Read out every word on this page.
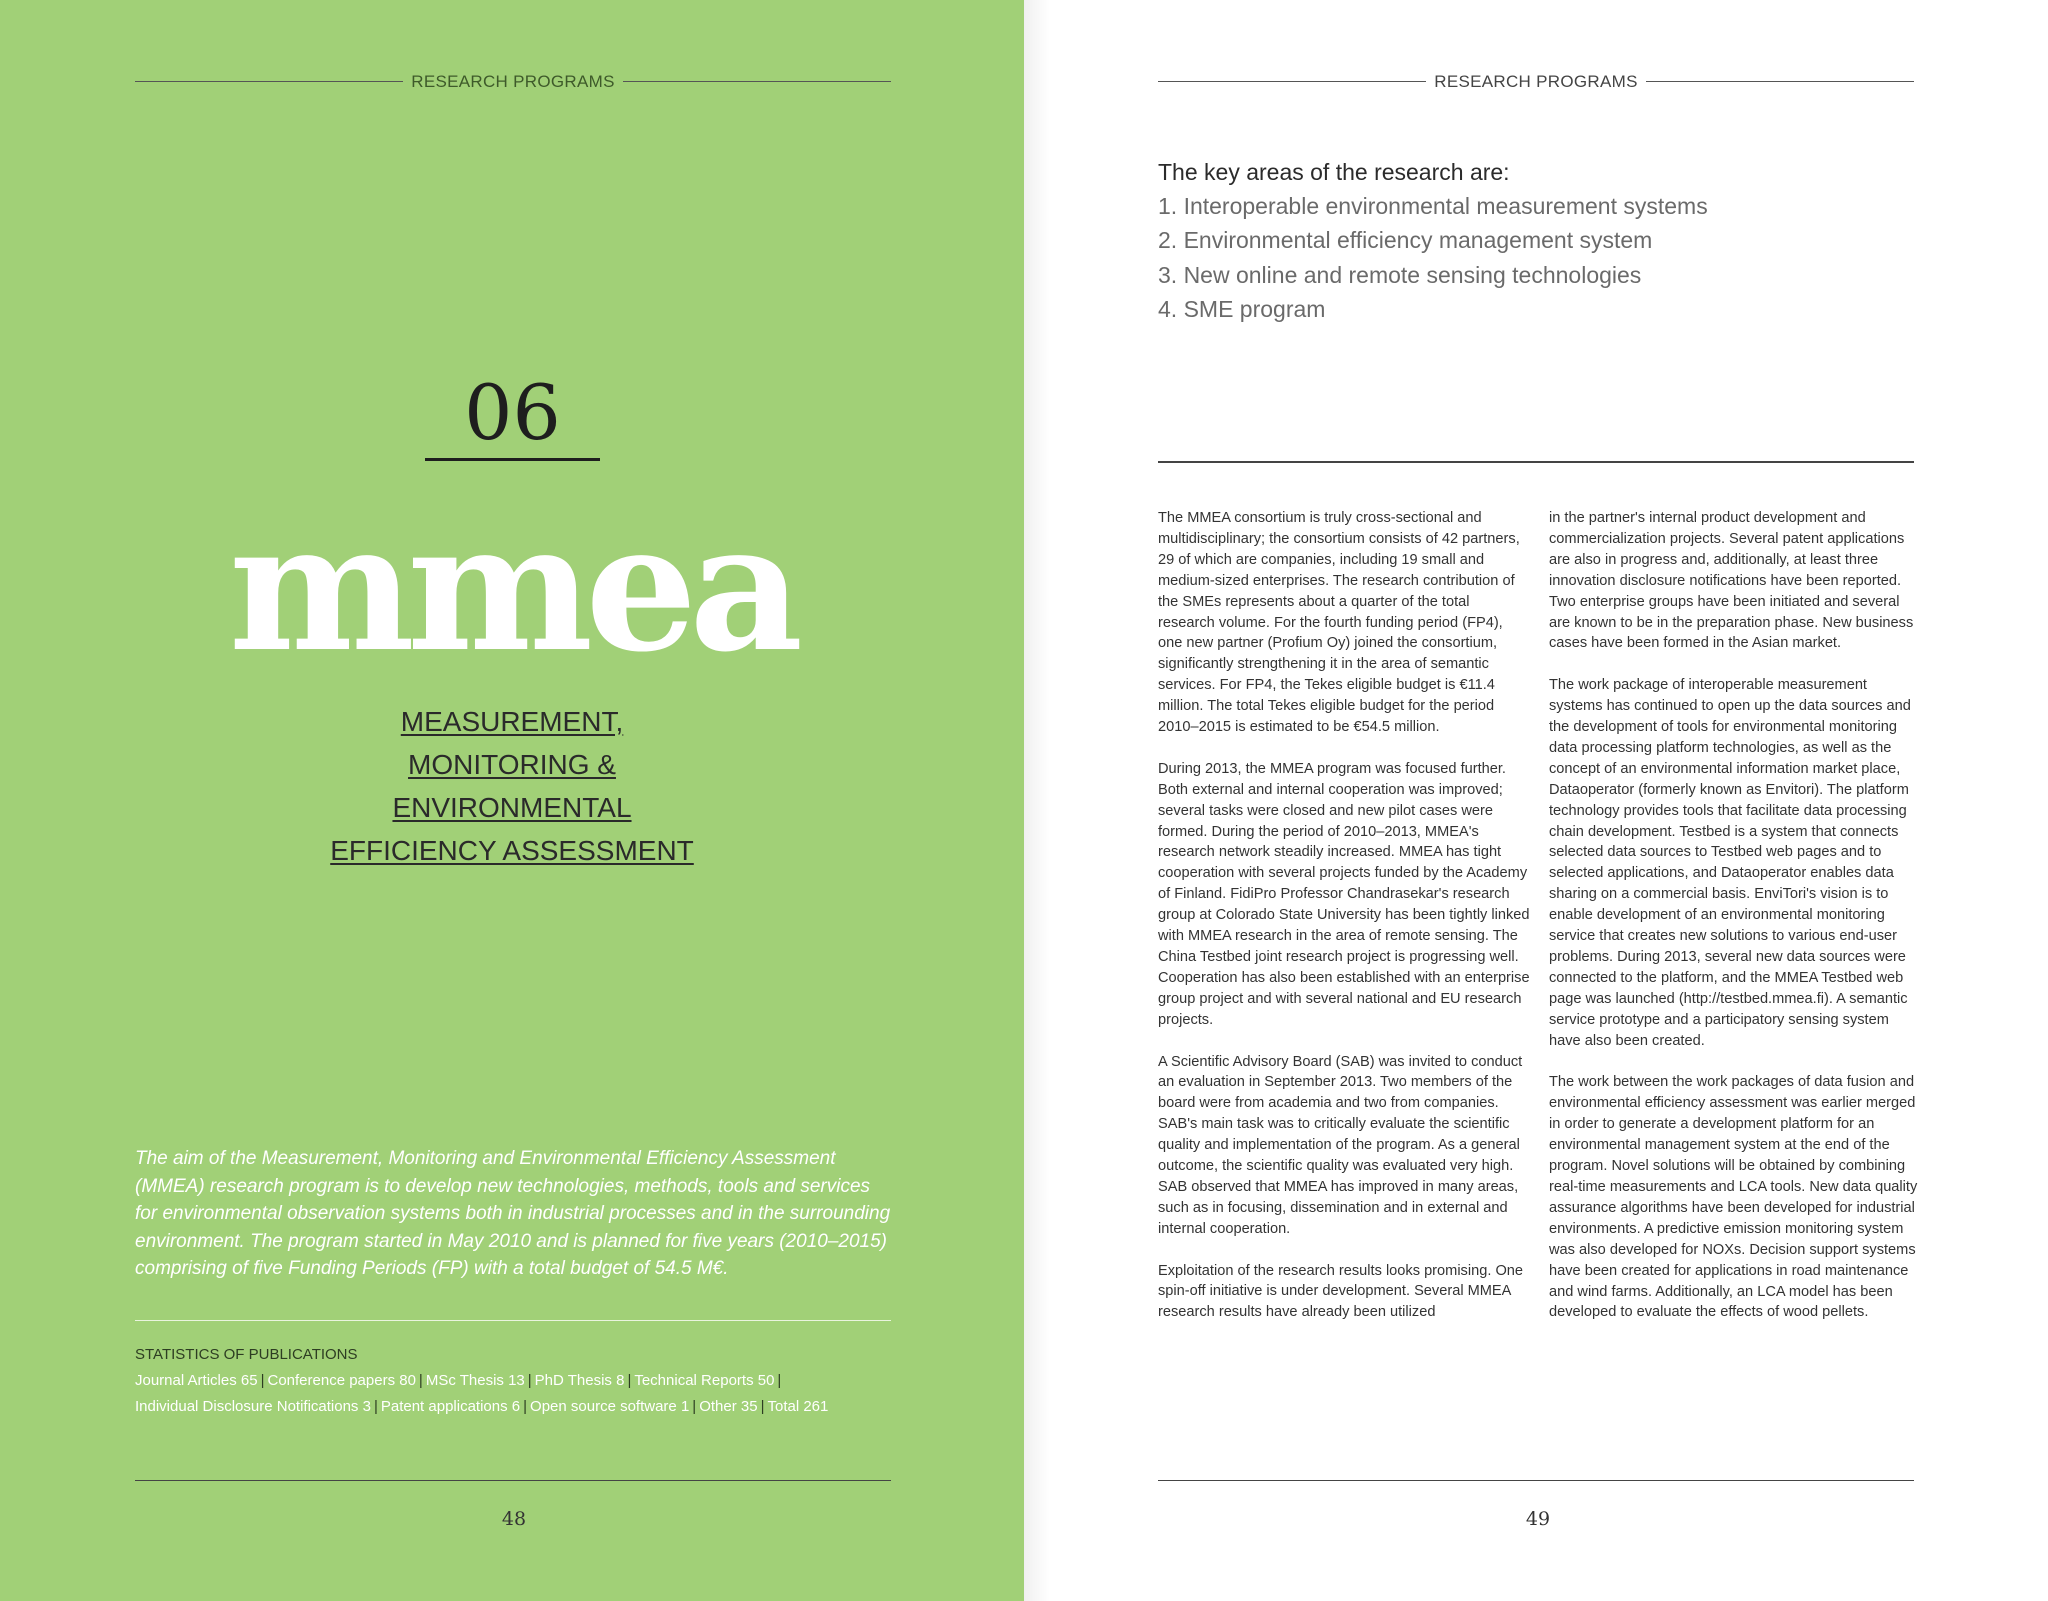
RESEARCH PROGRAMS
06
mmea
MEASUREMENT, MONITORING & ENVIRONMENTAL EFFICIENCY ASSESSMENT

The aim of the Measurement, Monitoring and Environmental Efficiency Assessment (MMEA) research program is to develop new technologies, methods, tools and services for environmental observation systems both in industrial processes and in the surrounding environment. The program started in May 2010 and is planned for five years (2010–2015) comprising of five Funding Periods (FP) with a total budget of 54.5 M€.

STATISTICS OF PUBLICATIONS
Journal Articles 65 | Conference papers 80 | MSc Thesis 13 | PhD Thesis 8 | Technical Reports 50 |
Individual Disclosure Notifications 3 | Patent applications 6 | Open source software 1 | Other 35 | Total 261
48
RESEARCH PROGRAMS
The key areas of the research are:
1. Interoperable environmental measurement systems
2. Environmental efficiency management system
3. New online and remote sensing technologies
4. SME program

The MMEA consortium is truly cross-sectional and multidisciplinary; the consortium consists of 42 partners, 29 of which are companies, including 19 small and medium-sized enterprises. The research contribution of the SMEs represents about a quarter of the total research volume. For the fourth funding period (FP4), one new partner (Profium Oy) joined the consortium, significantly strengthening it in the area of semantic services. For FP4, the Tekes eligible budget is €11.4 million. The total Tekes eligible budget for the period 2010–2015 is estimated to be €54.5 million.

During 2013, the MMEA program was focused further. Both external and internal cooperation was improved; several tasks were closed and new pilot cases were formed. During the period of 2010–2013, MMEA's research network steadily increased. MMEA has tight cooperation with several projects funded by the Academy of Finland. FidiPro Professor Chandrasekar's research group at Colorado State University has been tightly linked with MMEA research in the area of remote sensing. The China Testbed joint research project is progressing well. Cooperation has also been established with an enterprise group project and with several national and EU research projects.

A Scientific Advisory Board (SAB) was invited to conduct an evaluation in September 2013. Two members of the board were from academia and two from companies. SAB's main task was to critically evaluate the scientific quality and implementation of the program. As a general outcome, the scientific quality was evaluated very high. SAB observed that MMEA has improved in many areas, such as in focusing, dissemination and in external and internal cooperation.

Exploitation of the research results looks promising. One spin-off initiative is under development. Several MMEA research results have already been utilized

in the partner's internal product development and commercialization projects. Several patent applications are also in progress and, additionally, at least three innovation disclosure notifications have been reported. Two enterprise groups have been initiated and several are known to be in the preparation phase. New business cases have been formed in the Asian market.

The work package of interoperable measurement systems has continued to open up the data sources and the development of tools for environmental monitoring data processing platform technologies, as well as the concept of an environmental information market place, Dataoperator (formerly known as Envitori). The platform technology provides tools that facilitate data processing chain development. Testbed is a system that connects selected data sources to Testbed web pages and to selected applications, and Dataoperator enables data sharing on a commercial basis. EnviTori's vision is to enable development of an environmental monitoring service that creates new solutions to various end-user problems. During 2013, several new data sources were connected to the platform, and the MMEA Testbed web page was launched (http://testbed.mmea.fi). A semantic service prototype and a participatory sensing system have also been created.

The work between the work packages of data fusion and environmental efficiency assessment was earlier merged in order to generate a development platform for an environmental management system at the end of the program. Novel solutions will be obtained by combining real-time measurements and LCA tools. New data quality assurance algorithms have been developed for industrial environments. A predictive emission monitoring system was also developed for NOXs. Decision support systems have been created for applications in road maintenance and wind farms. Additionally, an LCA model has been developed to evaluate the effects of wood pellets.

49
